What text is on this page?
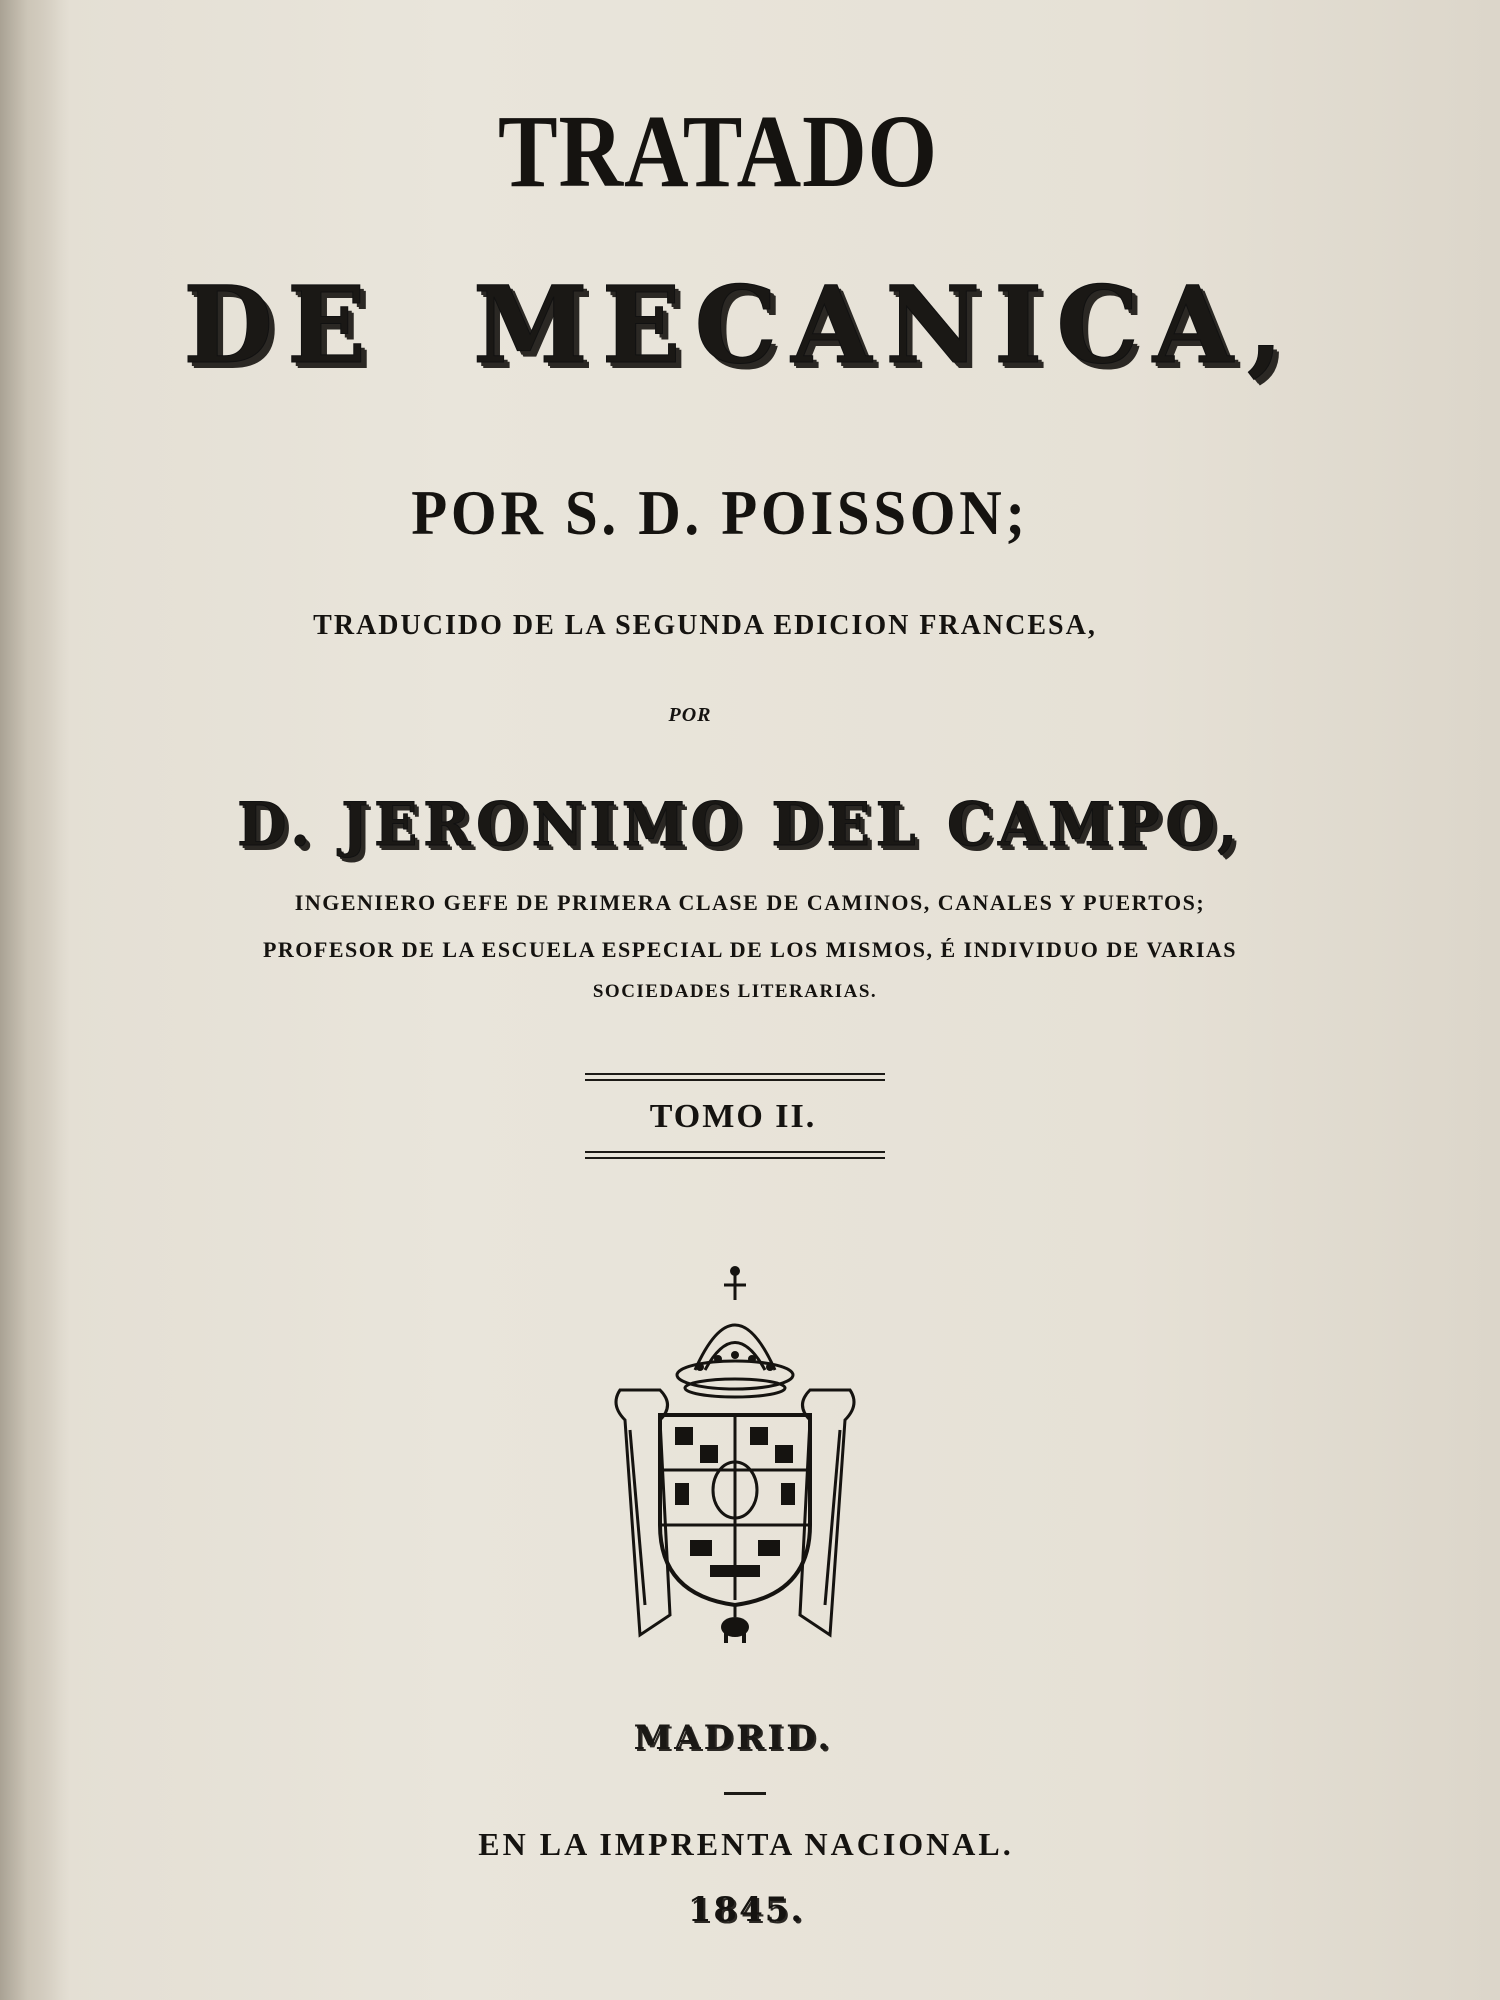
TRATADO
DE MECANICA,
POR S. D. POISSON;
TRADUCIDO DE LA SEGUNDA EDICION FRANCESA,
POR
D. JERONIMO DEL CAMPO,
INGENIERO GEFE DE PRIMERA CLASE DE CAMINOS, CANALES Y PUERTOS;
PROFESOR DE LA ESCUELA ESPECIAL DE LOS MISMOS, É INDIVIDUO DE VARIAS
SOCIEDADES LITERARIAS.
TOMO II.
MADRID.
EN LA IMPRENTA NACIONAL.
1845.
